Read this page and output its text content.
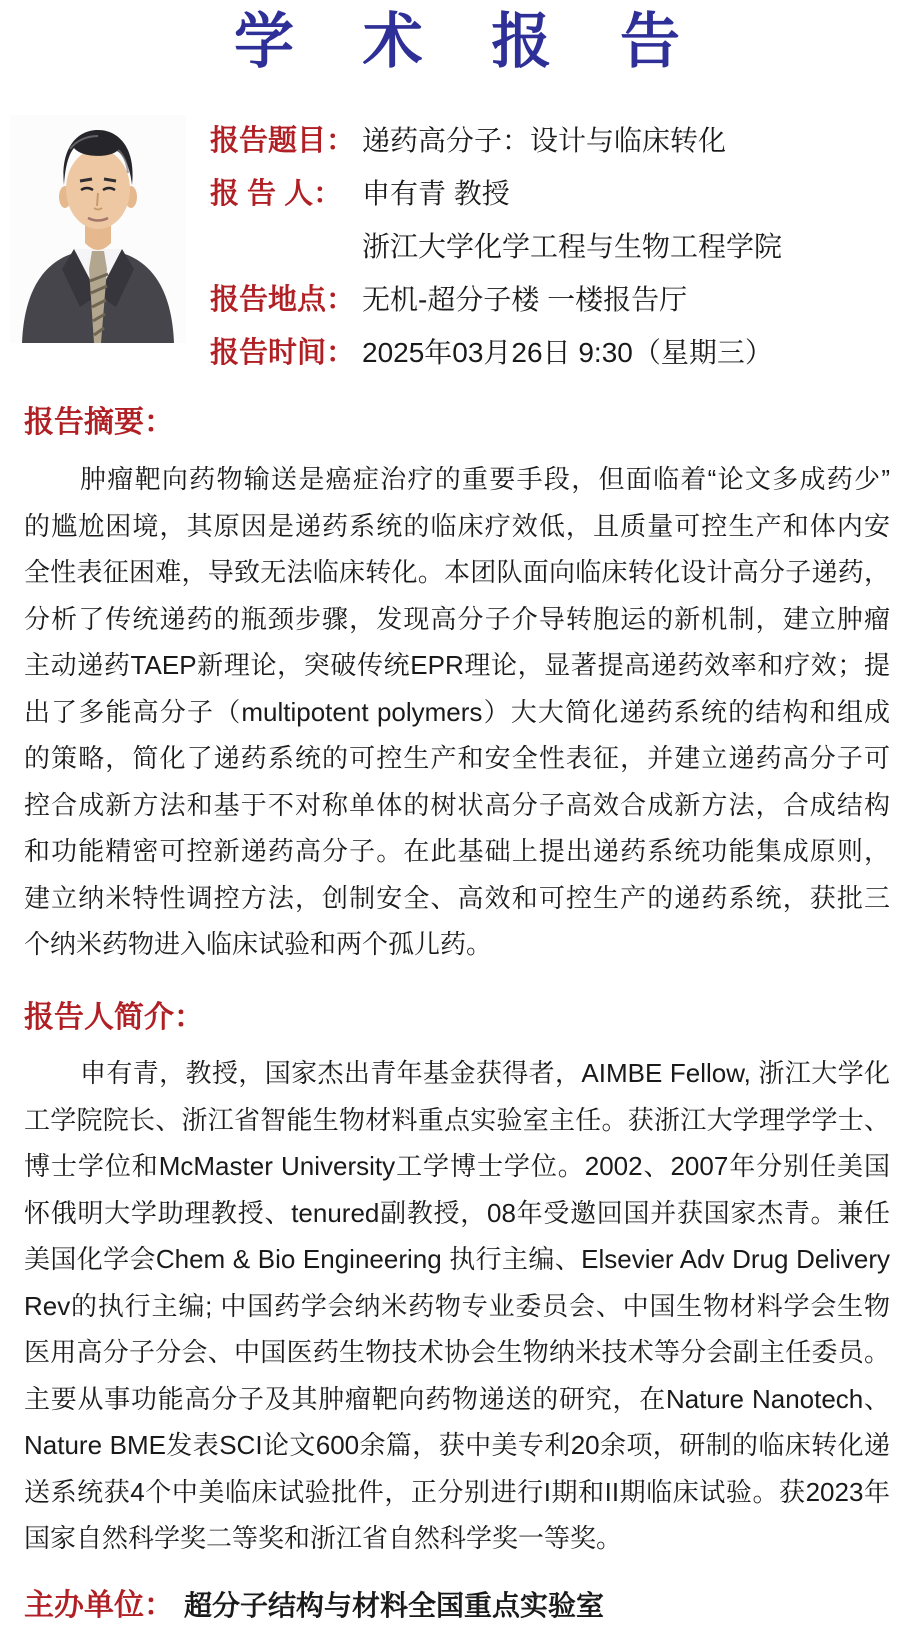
学 术 报 告
报告题目： 递药高分子：设计与临床转化
报 告 人： 申有青 教授
浙江大学化学工程与生物工程学院
报告地点： 无机-超分子楼 一楼报告厅
报告时间： 2025年03月26日 9:30（星期三）
报告摘要：
肿瘤靶向药物输送是癌症治疗的重要手段，但面临着“论文多成药少”
的尴尬困境，其原因是递药系统的临床疗效低，且质量可控生产和体内安
全性表征困难，导致无法临床转化。本团队面向临床转化设计高分子递药，
分析了传统递药的瓶颈步骤，发现高分子介导转胞运的新机制，建立肿瘤
主动递药TAEP新理论，突破传统EPR理论，显著提高递药效率和疗效；提
出了多能高分子（multipotent polymers）大大简化递药系统的结构和组成
的策略，简化了递药系统的可控生产和安全性表征，并建立递药高分子可
控合成新方法和基于不对称单体的树状高分子高效合成新方法，合成结构
和功能精密可控新递药高分子。在此基础上提出递药系统功能集成原则，
建立纳米特性调控方法，创制安全、高效和可控生产的递药系统，获批三
个纳米药物进入临床试验和两个孤儿药。
报告人简介：
申有青，教授，国家杰出青年基金获得者，AIMBE Fellow, 浙江大学化
工学院院长、浙江省智能生物材料重点实验室主任。获浙江大学理学学士、
博士学位和McMaster University工学博士学位。2002、2007年分别任美国
怀俄明大学助理教授、tenured副教授，08年受邀回国并获国家杰青。兼任
美国化学会Chem & Bio Engineering 执行主编、Elsevier Adv Drug Delivery
Rev的执行主编; 中国药学会纳米药物专业委员会、中国生物材料学会生物
医用高分子分会、中国医药生物技术协会生物纳米技术等分会副主任委员。
主要从事功能高分子及其肿瘤靶向药物递送的研究，在Nature Nanotech、
Nature BME发表SCI论文600余篇，获中美专利20余项，研制的临床转化递
送系统获4个中美临床试验批件，正分别进行I期和II期临床试验。获2023年
国家自然科学奖二等奖和浙江省自然科学奖一等奖。
主办单位： 超分子结构与材料全国重点实验室
